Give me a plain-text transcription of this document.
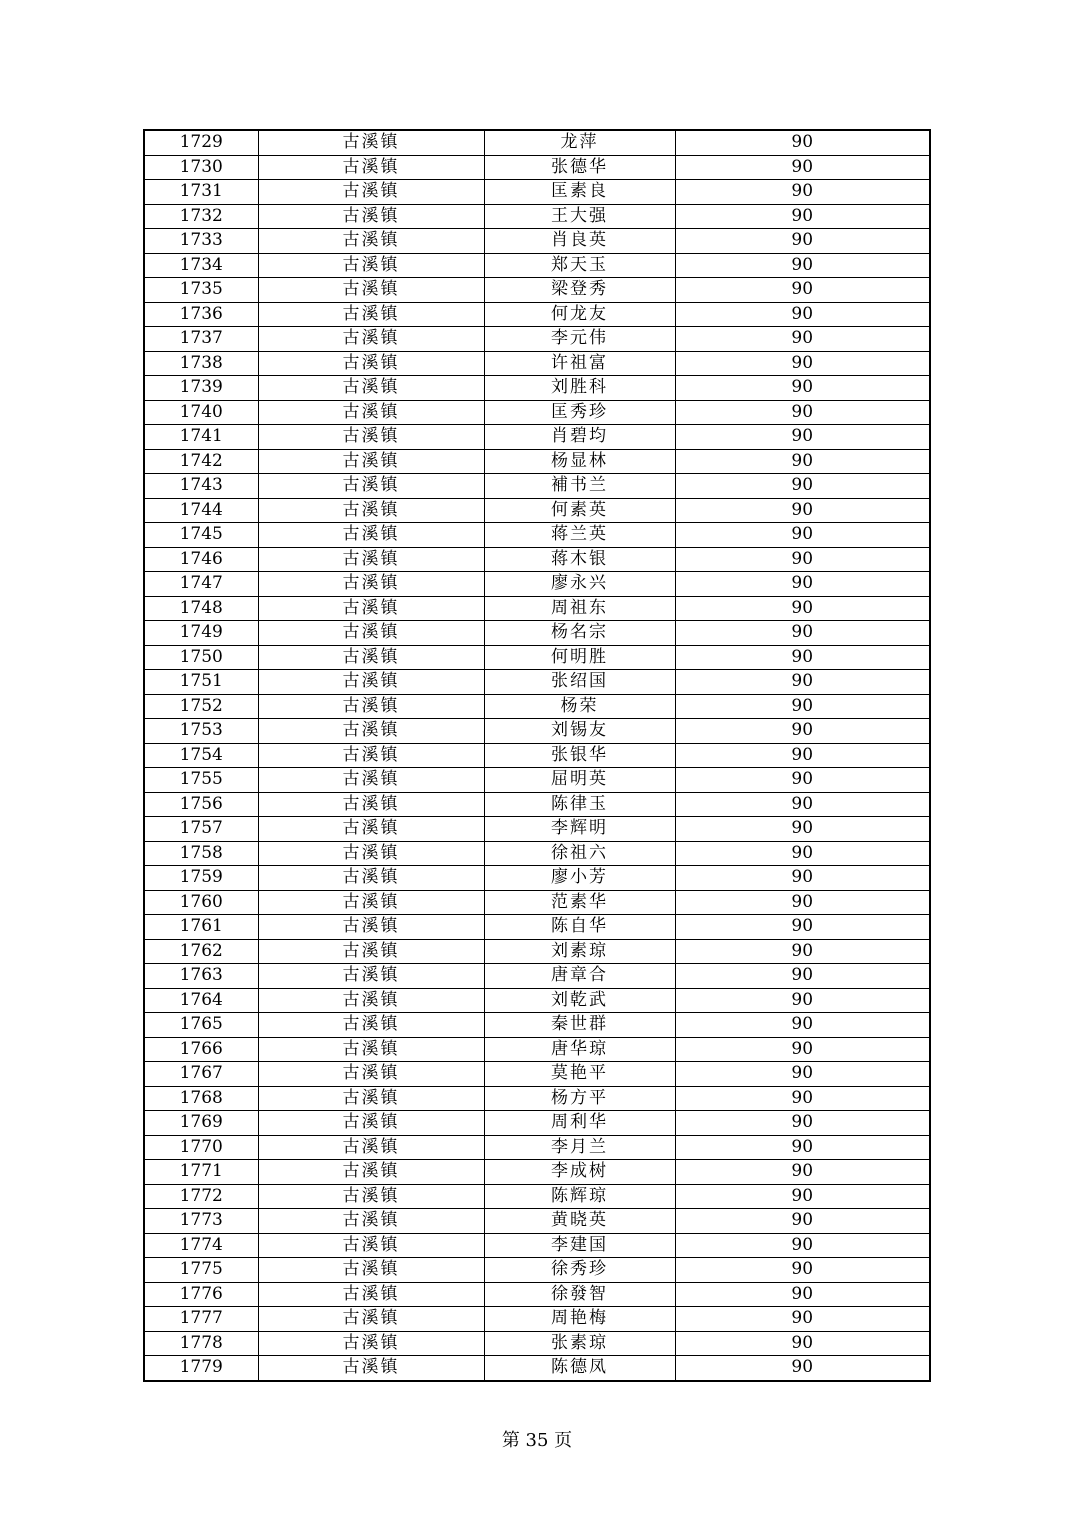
1729	古溪镇	龙萍	90
1730	古溪镇	张德华	90
1731	古溪镇	匡素良	90
1732	古溪镇	王大强	90
1733	古溪镇	肖良英	90
1734	古溪镇	郑天玉	90
1735	古溪镇	梁登秀	90
1736	古溪镇	何龙友	90
1737	古溪镇	李元伟	90
1738	古溪镇	许祖富	90
1739	古溪镇	刘胜科	90
1740	古溪镇	匡秀珍	90
1741	古溪镇	肖碧均	90
1742	古溪镇	杨显林	90
1743	古溪镇	補书兰	90
1744	古溪镇	何素英	90
1745	古溪镇	蒋兰英	90
1746	古溪镇	蒋木银	90
1747	古溪镇	廖永兴	90
1748	古溪镇	周祖东	90
1749	古溪镇	杨名宗	90
1750	古溪镇	何明胜	90
1751	古溪镇	张绍国	90
1752	古溪镇	杨荣	90
1753	古溪镇	刘锡友	90
1754	古溪镇	张银华	90
1755	古溪镇	屈明英	90
1756	古溪镇	陈律玉	90
1757	古溪镇	李辉明	90
1758	古溪镇	徐祖六	90
1759	古溪镇	廖小芳	90
1760	古溪镇	范素华	90
1761	古溪镇	陈自华	90
1762	古溪镇	刘素琼	90
1763	古溪镇	唐章合	90
1764	古溪镇	刘乾武	90
1765	古溪镇	秦世群	90
1766	古溪镇	唐华琼	90
1767	古溪镇	莫艳平	90
1768	古溪镇	杨方平	90
1769	古溪镇	周利华	90
1770	古溪镇	李月兰	90
1771	古溪镇	李成树	90
1772	古溪镇	陈辉琼	90
1773	古溪镇	黄晓英	90
1774	古溪镇	李建国	90
1775	古溪镇	徐秀珍	90
1776	古溪镇	徐發智	90
1777	古溪镇	周艳梅	90
1778	古溪镇	张素琼	90
1779	古溪镇	陈德凤	90
第 35 页
